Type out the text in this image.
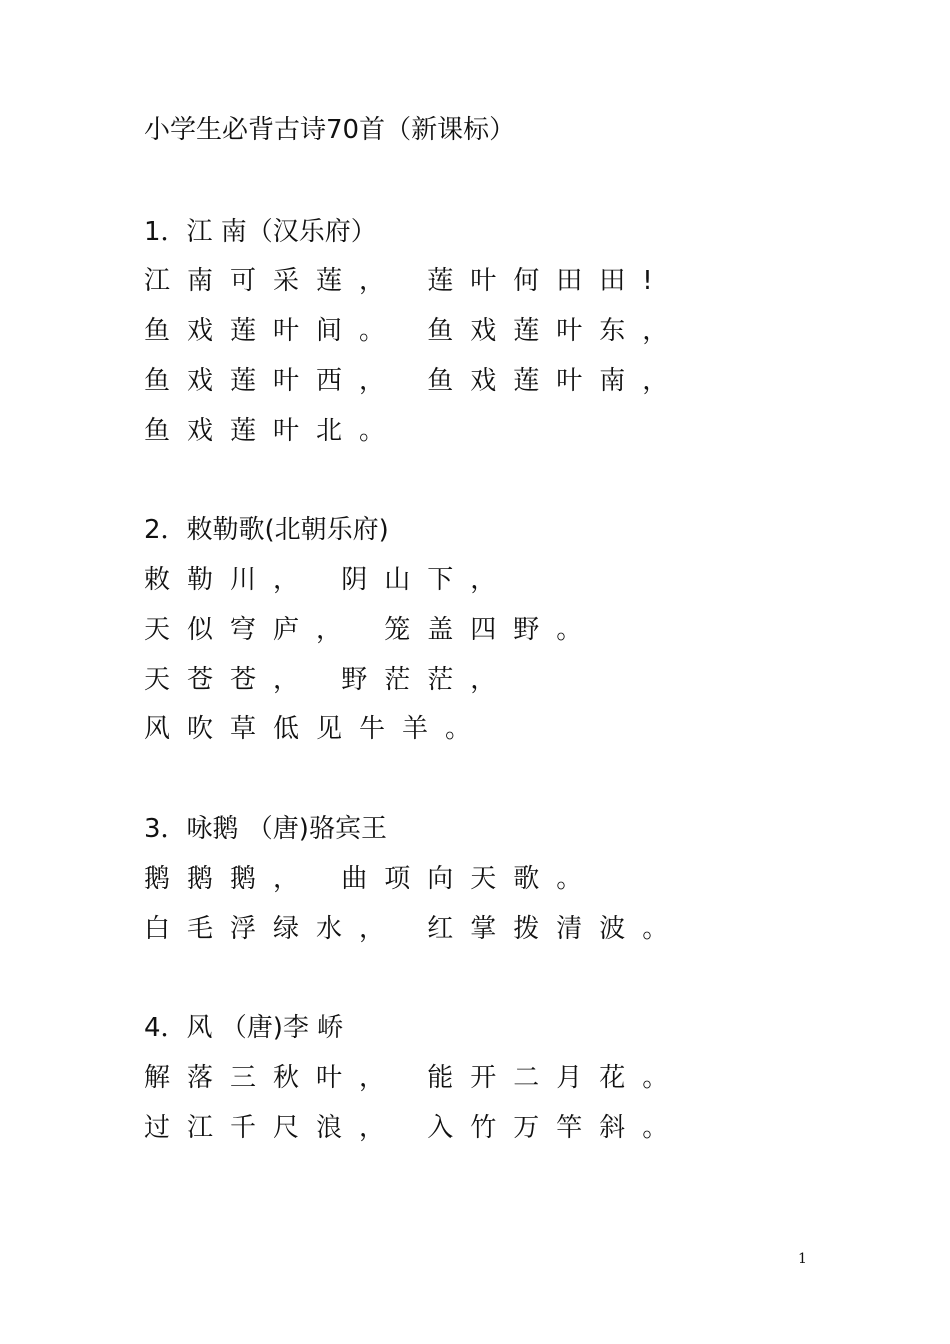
小学生必背古诗70首（新课标）
1．江 南（汉乐府）
江南可采莲， 莲叶何田田!
鱼戏莲叶间。 鱼戏莲叶东，
鱼戏莲叶西， 鱼戏莲叶南，
鱼戏莲叶北。
2．敕勒歌(北朝乐府)
敕勒川， 阴山下，
天似穹庐， 笼盖四野。
天苍苍， 野茫茫，
风吹草低见牛羊。
3．咏鹅 （唐)骆宾王
鹅鹅鹅， 曲项向天歌。
白毛浮绿水， 红掌拨清波。
4．风 （唐)李 峤
解落三秋叶， 能开二月花。
过江千尺浪， 入竹万竿斜。
1
